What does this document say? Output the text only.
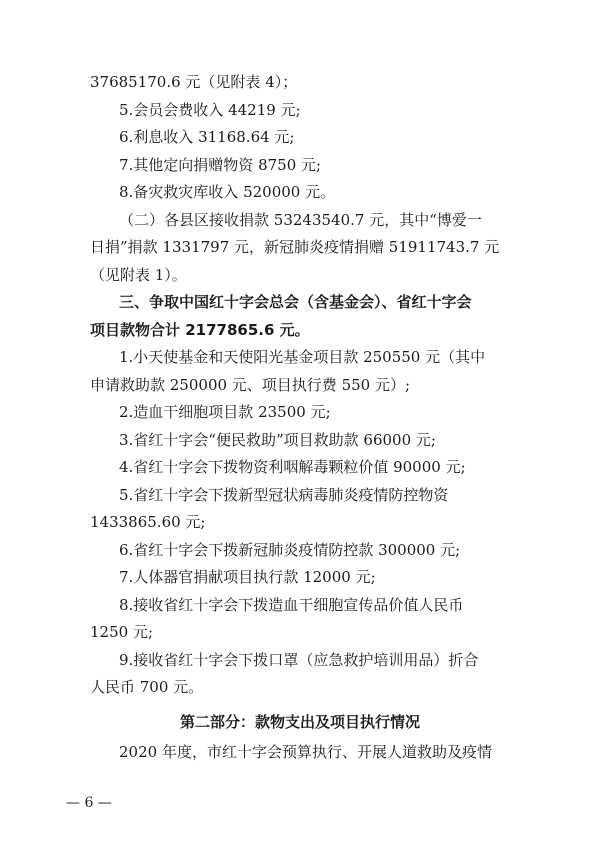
37685170.6 元（见附表 4）；
5.会员会费收入 44219 元;
6.利息收入 31168.64 元;
7.其他定向捐赠物资 8750 元;
8.备灾救灾库收入 520000 元。
（二）各县区接收捐款 53243540.7 元，其中“博爱一
日捐”捐款 1331797 元，新冠肺炎疫情捐赠 51911743.7 元
（见附表 1）。
三、争取中国红十字会总会（含基金会）、省红十字会
项目款物合计 2177865.6 元。
1.小天使基金和天使阳光基金项目款 250550 元（其中
申请救助款 250000 元、项目执行费 550 元）;
2.造血干细胞项目款 23500 元;
3.省红十字会“便民救助”项目救助款 66000 元;
4.省红十字会下拨物资利咽解毒颗粒价值 90000 元;
5.省红十字会下拨新型冠状病毒肺炎疫情防控物资
1433865.60 元;
6.省红十字会下拨新冠肺炎疫情防控款 300000 元;
7.人体器官捐献项目执行款 12000 元;
8.接收省红十字会下拨造血干细胞宣传品价值人民币
1250 元;
9.接收省红十字会下拨口罩（应急救护培训用品）折合
人民币 700 元。
第二部分：款物支出及项目执行情况
2020 年度，市红十字会预算执行、开展人道救助及疫情
— 6 —
